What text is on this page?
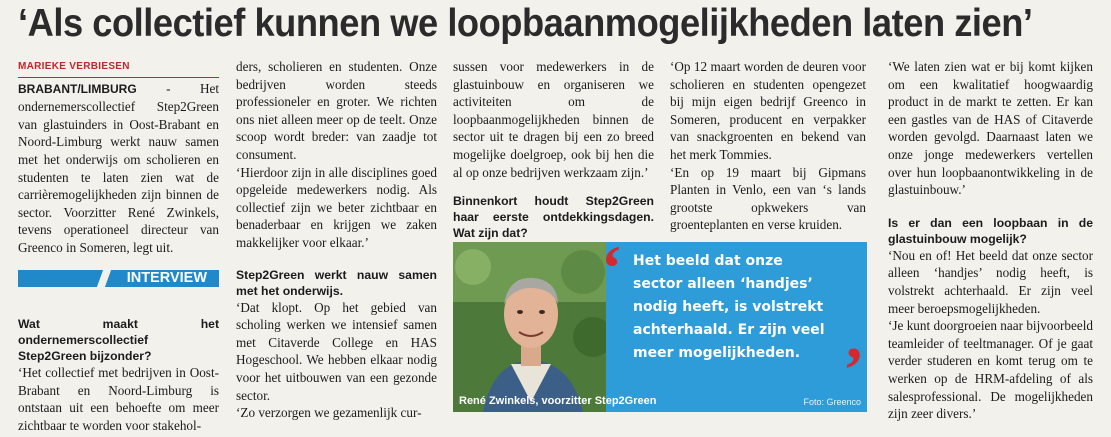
‘Als collectief kunnen we loopbaanmogelijkheden laten zien’
MARIEKE VERBIESEN

BRABANT/LIMBURG - Het ondernemerscollectief Step2Green van glastuinders in Oost-Brabant en Noord-Limburg werkt nauw samen met het onderwijs om scholieren en studenten te laten zien wat de carrièremogelijkheden zijn binnen de sector. Voorzitter René Zwinkels, tevens operationeel directeur van Greenco in Someren, legt uit.

INTERVIEW

Wat maakt het ondernemerscollectief Step2Green bijzonder?

‘Het collectief met bedrijven in Oost-Brabant en Noord-Limburg is ontstaan uit een behoefte om meer zichtbaar te worden voor stakehol-

ders, scholieren en studenten. Onze bedrijven worden steeds professioneler en groter. We richten ons niet alleen meer op de teelt. Onze scoop wordt breder: van zaadje tot consument.

‘Hierdoor zijn in alle disciplines goed opgeleide medewerkers nodig. Als collectief zijn we beter zichtbaar en benaderbaar en krijgen we zaken makkelijker voor elkaar.’

Step2Green werkt nauw samen met het onderwijs.

‘Dat klopt. Op het gebied van scholing werken we intensief samen met Citaverde College en HAS Hogeschool. We hebben elkaar nodig voor het uitbouwen van een gezonde sector.

‘Zo verzorgen we gezamenlijk cur-

sussen voor medewerkers in de glastuinbouw en organiseren we activiteiten om de loopbaanmogelijkheden binnen de sector uit te dragen bij een zo breed mogelijke doelgroep, ook bij hen die al op onze bedrijven werkzaam zijn.’

Binnenkort houdt Step2Green haar eerste ontdekkingsdagen. Wat zijn dat?

‘Op 12 maart worden de deuren voor scholieren en studenten opengezet bij mijn eigen bedrijf Greenco in Someren, producent en verpakker van snackgroenten en bekend van het merk Tommies.

‘En op 19 maart bij Gipmans Planten in Venlo, een van ‘s lands grootste opkwekers van groenteplanten en verse kruiden.

‘We laten zien wat er bij komt kijken om een kwalitatief hoogwaardig product in de markt te zetten. Er kan een gastles van de HAS of Citaverde worden gevolgd. Daarnaast laten we onze jonge medewerkers vertellen over hun loopbaanontwikkeling in de glastuinbouw.’

Is er dan een loopbaan in de glastuinbouw mogelijk?

‘Nou en of! Het beeld dat onze sector alleen ‘handjes’ nodig heeft, is volstrekt achterhaald. Er zijn veel meer beroepsmogelijkheden.

‘Je kunt doorgroeien naar bijvoorbeeld teamleider of teeltmanager. Of je gaat verder studeren en komt terug om te werken op de HRM-afdeling of als salesprofessional. De mogelijkheden zijn zeer divers.’

‘ Het beeld dat onze sector alleen ‘handjes’ nodig heeft, is volstrekt achterhaald. Er zijn veel meer mogelijkheden. ’
René Zwinkels, voorzitter Step2Green	Foto: Greenco
